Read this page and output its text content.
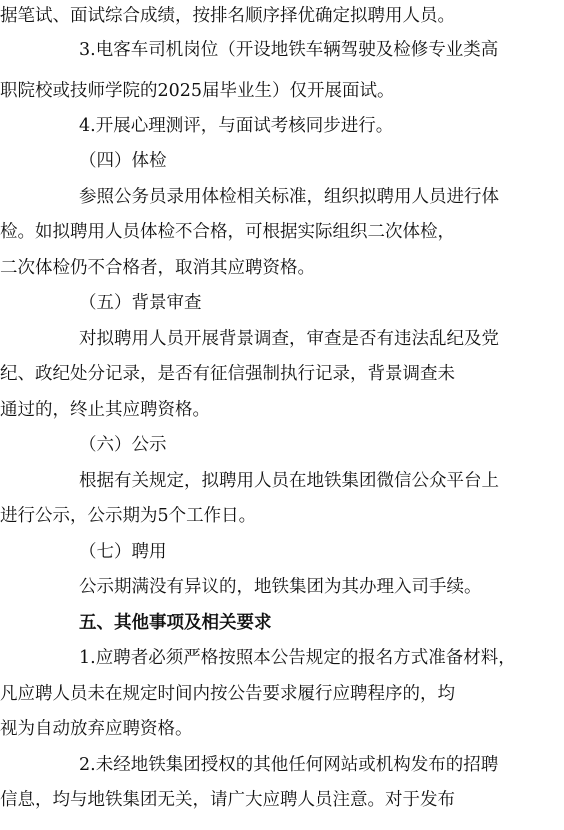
据笔试、面试综合成绩，按排名顺序择优确定拟聘用人员。
3.电客车司机岗位（开设地铁车辆驾驶及检修专业类高
职院校或技师学院的2025届毕业生）仅开展面试。
4.开展心理测评，与面试考核同步进行。
（四）体检
参照公务员录用体检相关标准，组织拟聘用人员进行体
检。如拟聘用人员体检不合格，可根据实际组织二次体检，
二次体检仍不合格者，取消其应聘资格。
（五）背景审查
对拟聘用人员开展背景调查，审查是否有违法乱纪及党
纪、政纪处分记录，是否有征信强制执行记录，背景调查未
通过的，终止其应聘资格。
（六）公示
根据有关规定，拟聘用人员在地铁集团微信公众平台上
进行公示，公示期为5个工作日。
（七）聘用
公示期满没有异议的，地铁集团为其办理入司手续。
五、其他事项及相关要求
1.应聘者必须严格按照本公告规定的报名方式准备材料，
凡应聘人员未在规定时间内按公告要求履行应聘程序的，均
视为自动放弃应聘资格。
2.未经地铁集团授权的其他任何网站或机构发布的招聘
信息，均与地铁集团无关，请广大应聘人员注意。对于发布
